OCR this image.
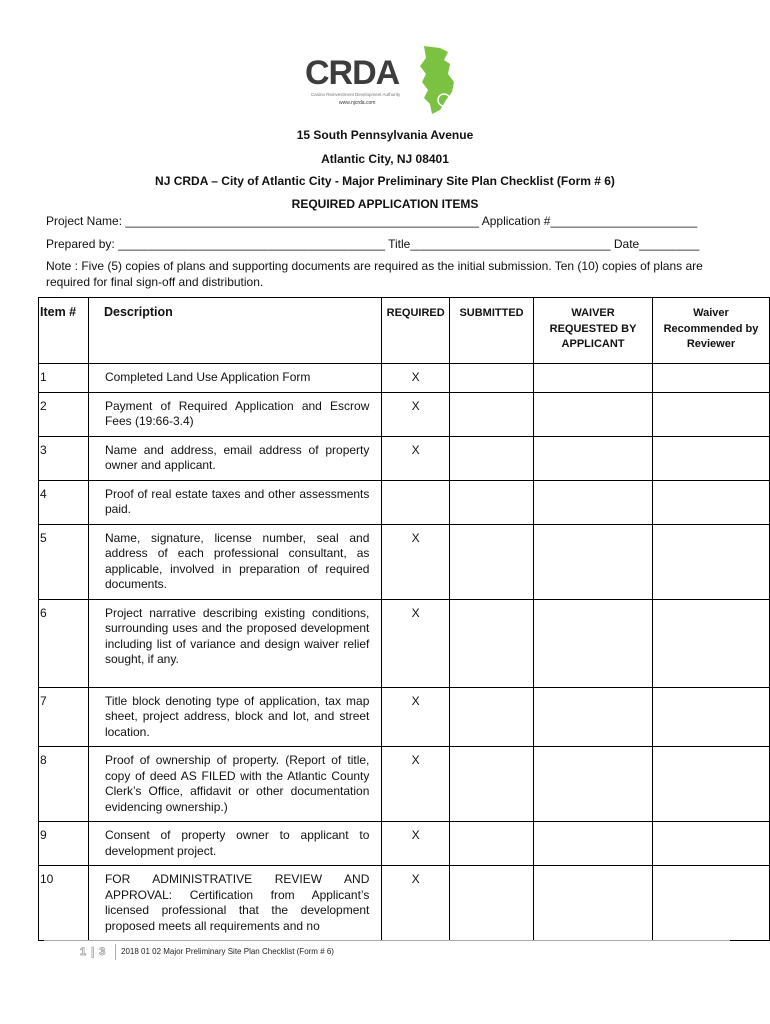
CRDA
Casino Reinvestment Development Authority
www.njcrda.com
15 South Pennsylvania Avenue
Atlantic City, NJ 08401
NJ CRDA – City of Atlantic City - Major Preliminary Site Plan Checklist (Form # 6)
REQUIRED APPLICATION ITEMS
Project Name: _____________________________________________________ Application #______________________
Prepared by: ________________________________________ Title______________________________ Date_________
Note : Five (5) copies of plans and supporting documents are required as the initial submission. Ten (10) copies of plans are required for final sign-off and distribution.
Item #	Description	REQUIRED	SUBMITTED	WAIVER REQUESTED BY APPLICANT	Waiver Recommended by Reviewer
1	Completed Land Use Application Form	X			
2	Payment of Required Application and Escrow Fees (19:66-3.4)	X			
3	Name and address, email address of property owner and applicant.	X			
4	Proof of real estate taxes and other assessments paid.				
5	Name, signature, license number, seal and address of each professional consultant, as applicable, involved in preparation of required documents.	X			
6	Project narrative describing existing conditions, surrounding uses and the proposed development including list of variance and design waiver relief sought, if any.	X			
7	Title block denoting type of application, tax map sheet, project address, block and lot, and street location.	X			
8	Proof of ownership of property. (Report of title, copy of deed AS FILED with the Atlantic County Clerk’s Office, affidavit or other documentation evidencing ownership.)	X			
9	Consent of property owner to applicant to development project.	X			
10	FOR ADMINISTRATIVE REVIEW AND APPROVAL: Certification from Applicant’s licensed professional that the development proposed meets all requirements and no	X			
1 | 3 2018 01 02 Major Preliminary Site Plan Checklist (Form # 6)
